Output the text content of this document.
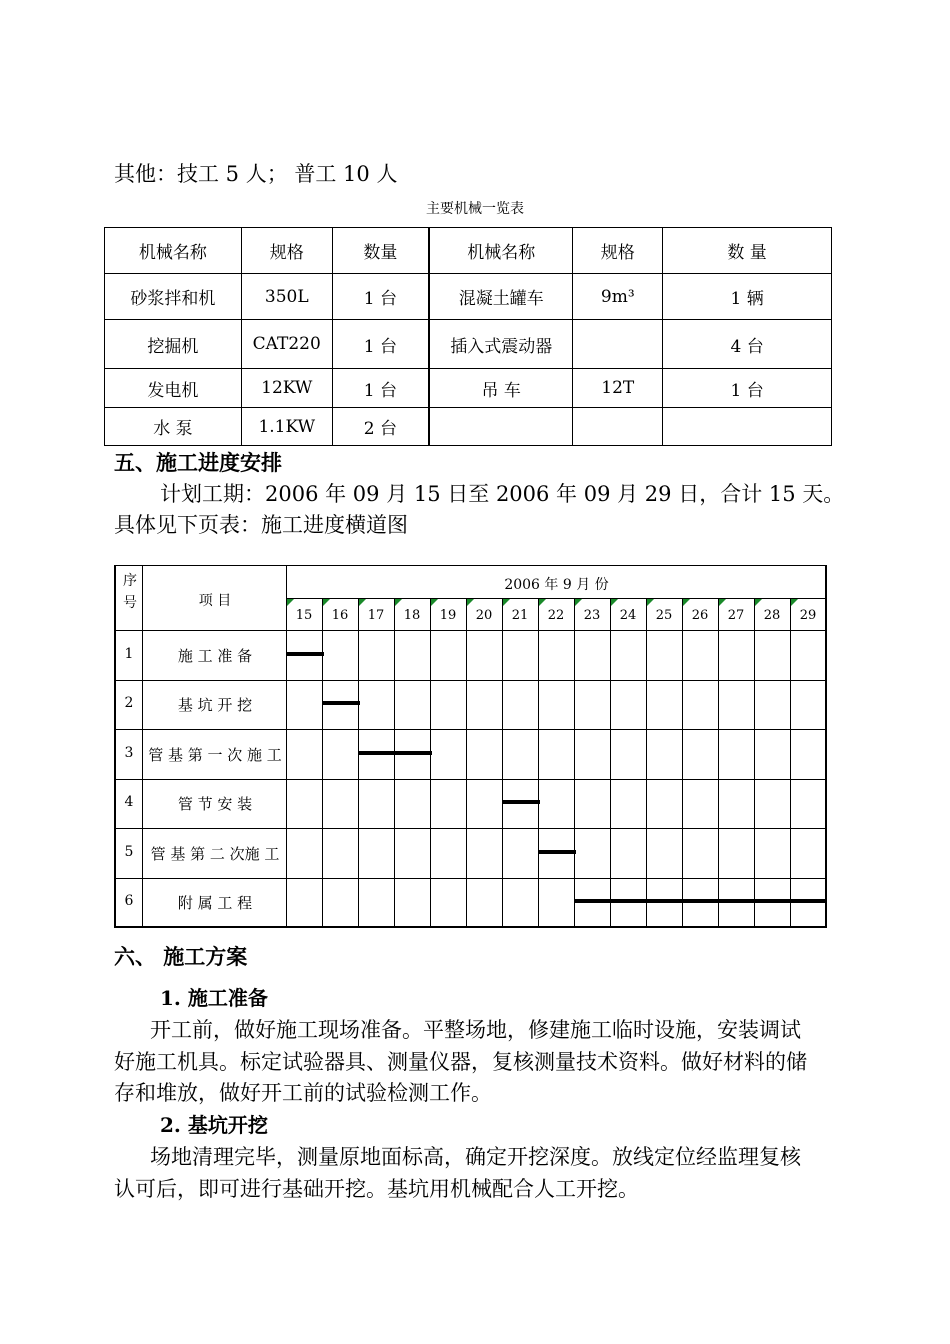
其他：技工 5 人； 普工 10 人
主要机械一览表
机械名称	规格	数量	机械名称	规格	数 量
砂浆拌和机	350L	1 台	混凝土罐车	9m³	1 辆
挖掘机	CAT220	1 台	插入式震动器		4 台
发电机	12KW	1 台	吊 车	12T	1 台
水 泵	1.1KW	2 台			
五、施工进度安排
计划工期：2006 年 09 月 15 日至 2006 年 09 月 29 日，合计 15 天。
具体见下页表：施工进度横道图
序号	项 目
2006 年 9 月 份
15	16	17	18	19	20	21	22	23	24	25	26	27	28	29
1	施 工 准 备
2	基 坑 开 挖
3 管 基 第 一 次 施 工
4	管 节 安 装
5	管 基 第 二 次施 工
6	附 属 工 程
六、 施工方案
1. 施工准备
开工前，做好施工现场准备。平整场地，修建施工临时设施，安装调试
好施工机具。标定试验器具、测量仪器，复核测量技术资料。做好材料的储
存和堆放，做好开工前的试验检测工作。
2. 基坑开挖
场地清理完毕，测量原地面标高，确定开挖深度。放线定位经监理复核
认可后，即可进行基础开挖。基坑用机械配合人工开挖。
